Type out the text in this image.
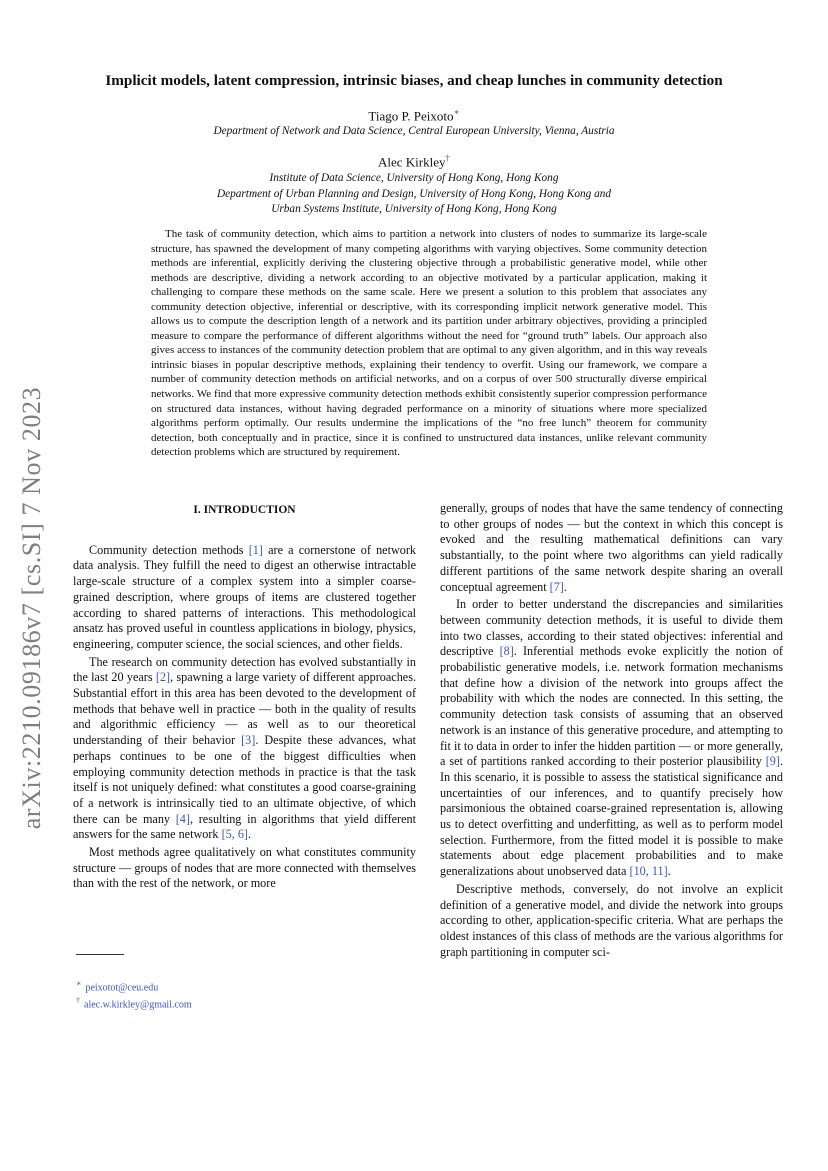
arXiv:2210.09186v7 [cs.SI] 7 Nov 2023
Implicit models, latent compression, intrinsic biases, and cheap lunches in community detection
Tiago P. Peixoto∗
Department of Network and Data Science, Central European University, Vienna, Austria
Alec Kirkley†
Institute of Data Science, University of Hong Kong, Hong Kong
Department of Urban Planning and Design, University of Hong Kong, Hong Kong and
Urban Systems Institute, University of Hong Kong, Hong Kong

The task of community detection, which aims to partition a network into clusters of nodes to summarize its large-scale structure, has spawned the development of many competing algorithms with varying objectives. Some community detection methods are inferential, explicitly deriving the clustering objective through a probabilistic generative model, while other methods are descriptive, dividing a network according to an objective motivated by a particular application, making it challenging to compare these methods on the same scale. Here we present a solution to this problem that associates any community detection objective, inferential or descriptive, with its corresponding implicit network generative model. This allows us to compute the description length of a network and its partition under arbitrary objectives, providing a principled measure to compare the performance of different algorithms without the need for “ground truth” labels. Our approach also gives access to instances of the community detection problem that are optimal to any given algorithm, and in this way reveals intrinsic biases in popular descriptive methods, explaining their tendency to overfit. Using our framework, we compare a number of community detection methods on artificial networks, and on a corpus of over 500 structurally diverse empirical networks. We find that more expressive community detection methods exhibit consistently superior compression performance on structured data instances, without having degraded performance on a minority of situations where more specialized algorithms perform optimally. Our results undermine the implications of the “no free lunch” theorem for community detection, both conceptually and in practice, since it is confined to unstructured data instances, unlike relevant community detection problems which are structured by requirement.

I. INTRODUCTION

Community detection methods [1] are a cornerstone of network data analysis. They fulfill the need to digest an otherwise intractable large-scale structure of a complex system into a simpler coarse-grained description, where groups of items are clustered together according to shared patterns of interactions. This methodological ansatz has proved useful in countless applications in biology, physics, engineering, computer science, the social sciences, and other fields.

The research on community detection has evolved substantially in the last 20 years [2], spawning a large variety of different approaches. Substantial effort in this area has been devoted to the development of methods that behave well in practice — both in the quality of results and algorithmic efficiency — as well as to our theoretical understanding of their behavior [3]. Despite these advances, what perhaps continues to be one of the biggest difficulties when employing community detection methods in practice is that the task itself is not uniquely defined: what constitutes a good coarse-graining of a network is intrinsically tied to an ultimate objective, of which there can be many [4], resulting in algorithms that yield different answers for the same network [5, 6].

Most methods agree qualitatively on what constitutes community structure — groups of nodes that are more connected with themselves than with the rest of the network, or more

generally, groups of nodes that have the same tendency of connecting to other groups of nodes — but the context in which this concept is evoked and the resulting mathematical definitions can vary substantially, to the point where two algorithms can yield radically different partitions of the same network despite sharing an overall conceptual agreement [7].

In order to better understand the discrepancies and similarities between community detection methods, it is useful to divide them into two classes, according to their stated objectives: inferential and descriptive [8]. Inferential methods evoke explicitly the notion of probabilistic generative models, i.e. network formation mechanisms that define how a division of the network into groups affect the probability with which the nodes are connected. In this setting, the community detection task consists of assuming that an observed network is an instance of this generative procedure, and attempting to fit it to data in order to infer the hidden partition — or more generally, a set of partitions ranked according to their posterior plausibility [9]. In this scenario, it is possible to assess the statistical significance and uncertainties of our inferences, and to quantify precisely how parsimonious the obtained coarse-grained representation is, allowing us to detect overfitting and underfitting, as well as to perform model selection. Furthermore, from the fitted model it is possible to make statements about edge placement probabilities and to make generalizations about unobserved data [10, 11].

Descriptive methods, conversely, do not involve an explicit definition of a generative model, and divide the network into groups according to other, application-specific criteria. What are perhaps the oldest instances of this class of methods are the various algorithms for graph partitioning in computer sci-

∗ peixotot@ceu.edu
† alec.w.kirkley@gmail.com
